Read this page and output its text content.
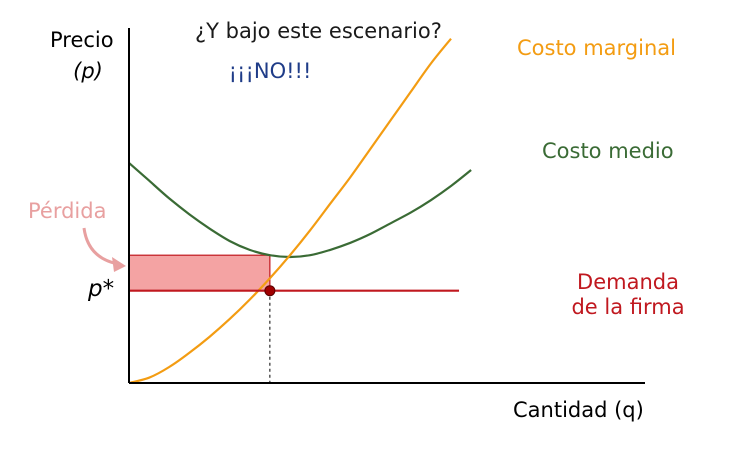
Precio
(p)
¿Y bajo este escenario?
¡¡¡NO!!!
Costo marginal
Costo medio
Demanda
de la firma
Pérdida
p*
Cantidad (q)
